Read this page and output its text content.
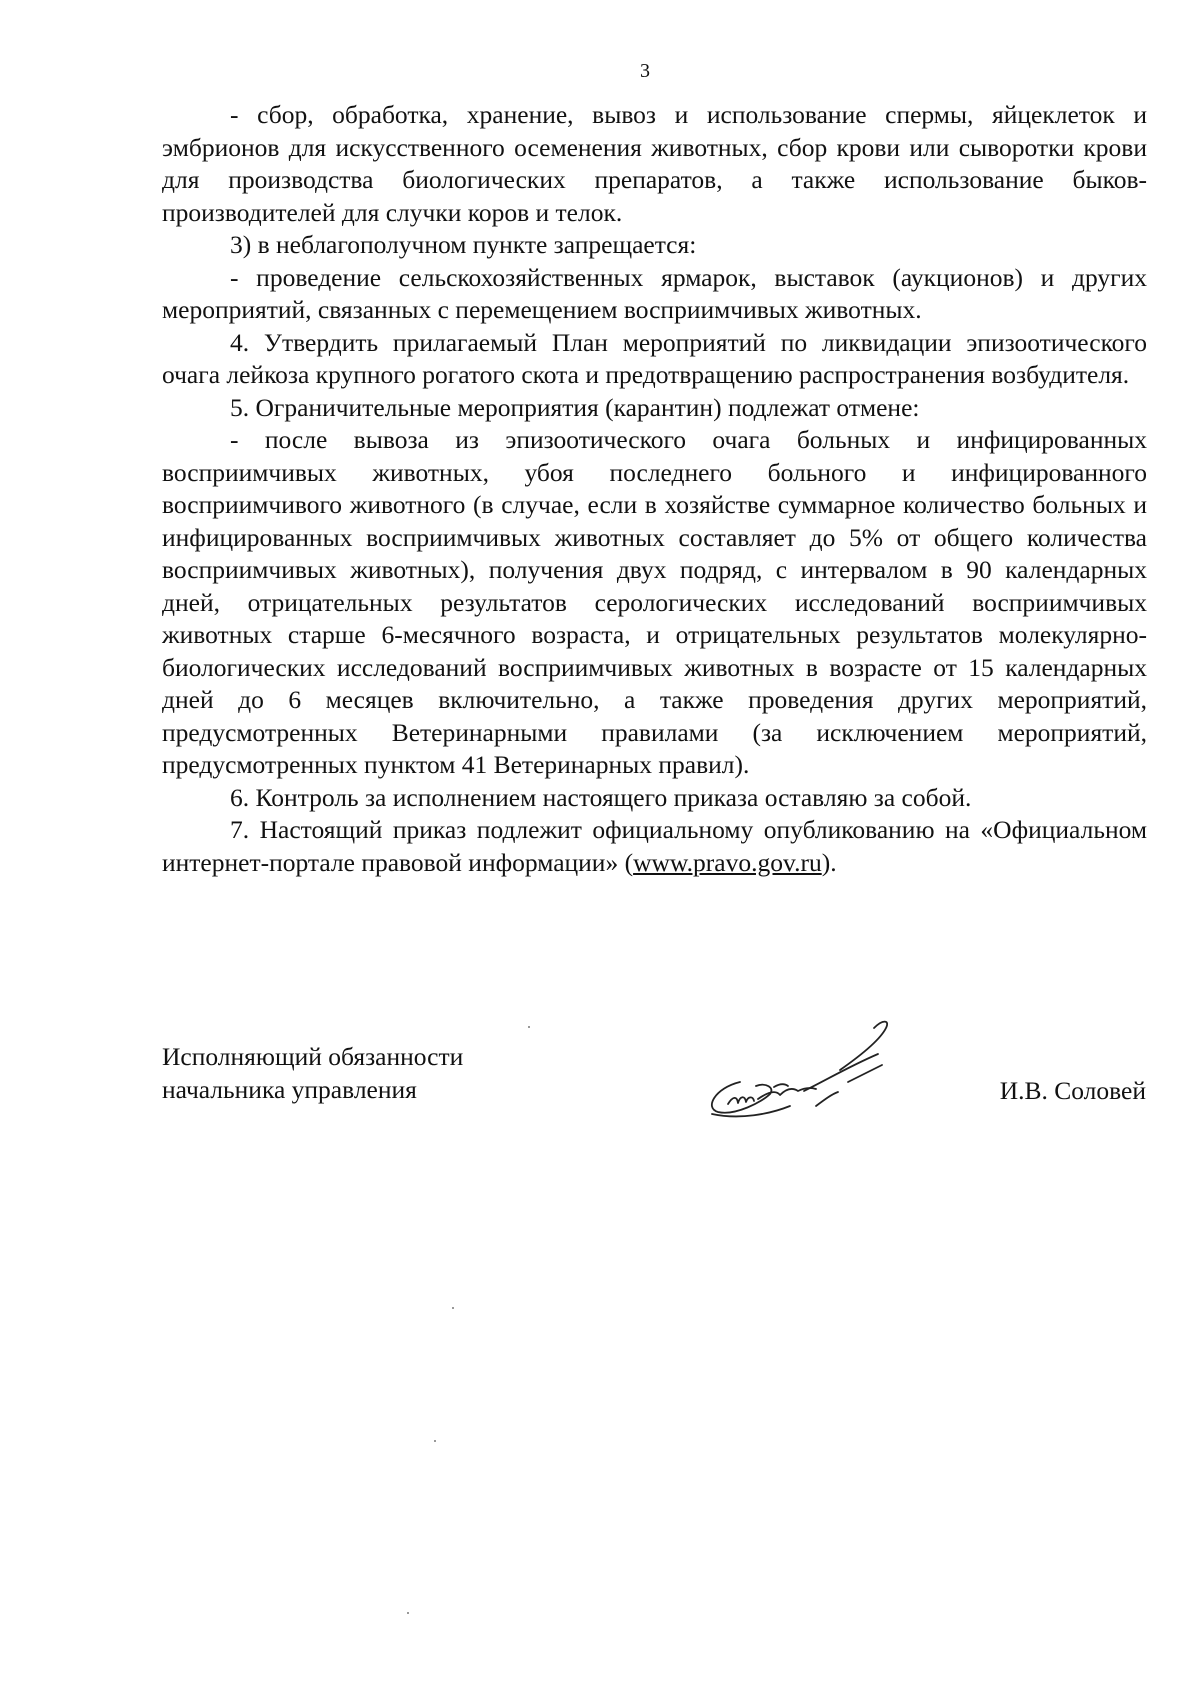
3

- сбор, обработка, хранение, вывоз и использование спермы, яйцеклеток и эмбрионов для искусственного осеменения животных, сбор крови или сыворотки крови для производства биологических препаратов, а также использование быков-производителей для случки коров и телок.

3) в неблагополучном пункте запрещается:

- проведение сельскохозяйственных ярмарок, выставок (аукционов) и других мероприятий, связанных с перемещением восприимчивых животных.

4. Утвердить прилагаемый План мероприятий по ликвидации эпизоотического очага лейкоза крупного рогатого скота и предотвращению распространения возбудителя.

5. Ограничительные мероприятия (карантин) подлежат отмене:

- после вывоза из эпизоотического очага больных и инфицированных восприимчивых животных, убоя последнего больного и инфицированного восприимчивого животного (в случае, если в хозяйстве суммарное количество больных и инфицированных восприимчивых животных составляет до 5% от общего количества восприимчивых животных), получения двух подряд, с интервалом в 90 календарных дней, отрицательных результатов серологических исследований восприимчивых животных старше 6-месячного возраста, и отрицательных результатов молекулярно-биологических исследований восприимчивых животных в возрасте от 15 календарных дней до 6 месяцев включительно, а также проведения других мероприятий, предусмотренных Ветеринарными правилами (за исключением мероприятий, предусмотренных пунктом 41 Ветеринарных правил).

6. Контроль за исполнением настоящего приказа оставляю за собой.

7. Настоящий приказ подлежит официальному опубликованию на «Официальном интернет-портале правовой информации» (www.pravo.gov.ru).

Исполняющий обязанности
начальника управления	И.В. Соловей
